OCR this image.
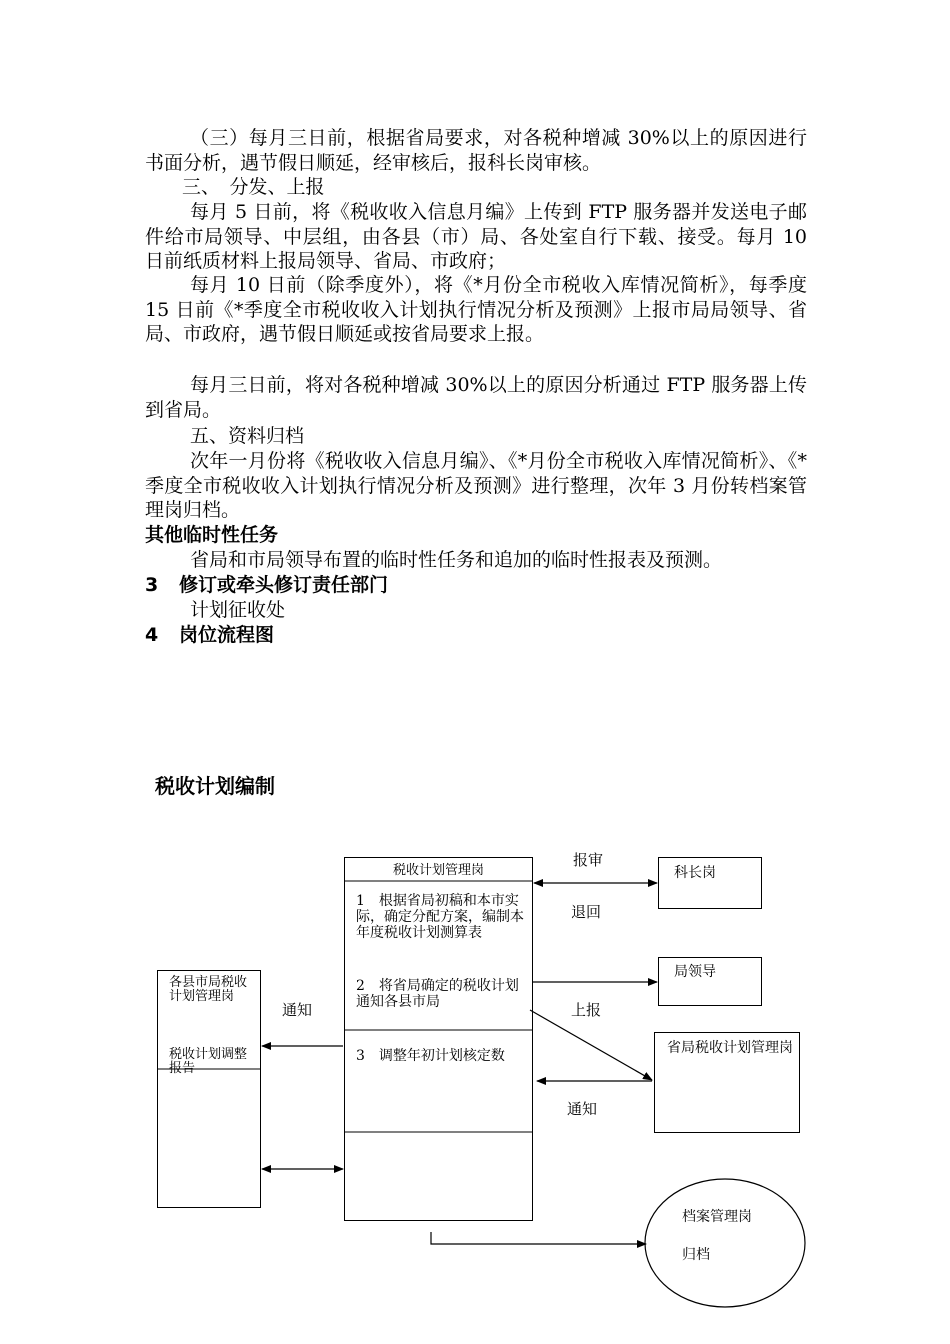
（三）每月三日前，根据省局要求，对各税种增减 30%以上的原因进行书面分析，遇节假日顺延，经审核后，报科长岗审核。

三、　分发、上报

每月 5 日前，将《税收收入信息月编》上传到 FTP 服务器并发送电子邮件给市局领导、中层组，由各县（市）局、各处室自行下载、接受。每月 10 日前纸质材料上报局领导、省局、市政府；

每月 10 日前（除季度外），将《*月份全市税收入库情况简析》，每季度 15 日前《*季度全市税收收入计划执行情况分析及预测》上报市局局领导、省局、市政府，遇节假日顺延或按省局要求上报。

每月三日前，将对各税种增减 30%以上的原因分析通过 FTP 服务器上传到省局。

五、资料归档

次年一月份将《税收收入信息月编》、《*月份全市税收入库情况简析》、《*季度全市税收收入计划执行情况分析及预测》进行整理，次年 3 月份转档案管理岗归档。

其他临时性任务

省局和市局领导布置的临时性任务和追加的临时性报表及预测。

3 修订或牵头修订责任部门

计划征收处

4 岗位流程图

税收计划编制
税收计划管理岗
1　根据省局初稿和本市实际，确定分配方案，编制本年度税收计划测算表
2　将省局确定的税收计划通知各县市局
3　调整年初计划核定数
各县市局税收计划管理岗
税收计划调整报告
科长岗
局领导
省局税收计划管理岗
档案管理岗
归档
报审
退回
上报
通知
通知
